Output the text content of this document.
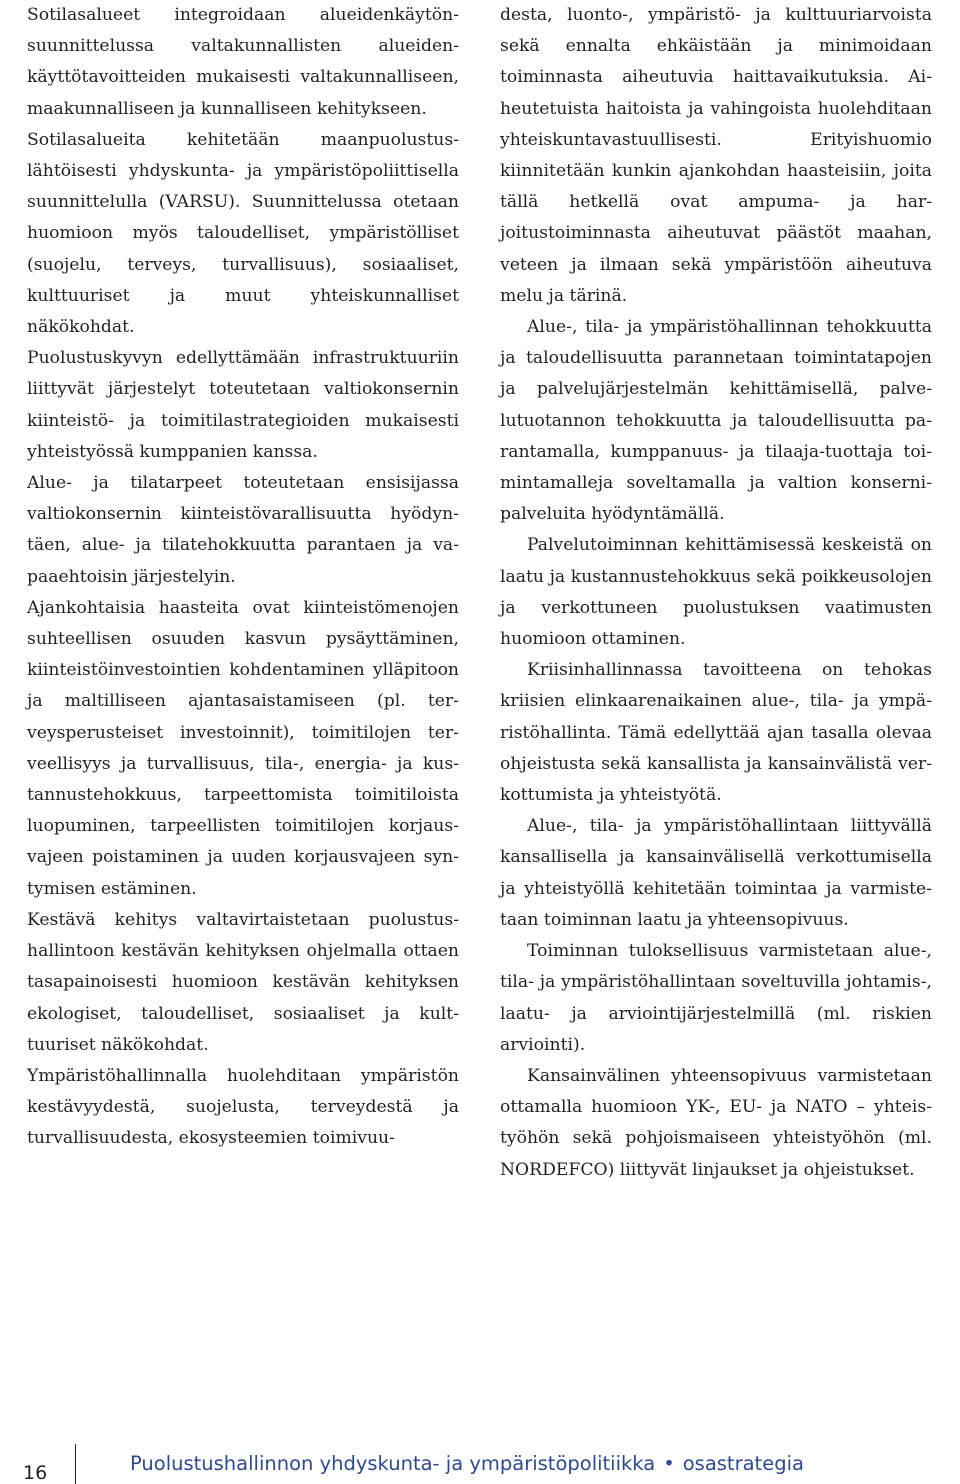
Sotilasalueet integroidaan alueidenkäytönsuunnittelussa valtakunnallisten alueidenkäyttötavoitteiden mukaisesti valtakunnalliseen, maakunnalliseen ja kunnalliseen kehitykseen.

Sotilasalueita kehitetään maanpuolustuslähtöisesti yhdyskunta- ja ympäristöpoliittisella suunnittelulla (VARSU). Suunnittelussa otetaan huomioon myös taloudelliset, ympäristölliset (suojelu, terveys, turvallisuus), sosiaaliset, kulttuuriset ja muut yhteiskunnalliset näkökohdat.

Puolustuskyvyn edellyttämään infrastruktuuriin liittyvät järjestelyt toteutetaan valtiokonsernin kiinteistö- ja toimitilastrategioiden mukaisesti yhteistyössä kumppanien kanssa.

Alue- ja tilatarpeet toteutetaan ensisijassa valtiokonsernin kiinteistövarallisuutta hyödyntäen, alue- ja tilatehokkuutta parantaen ja vapaaehtoisin järjestelyin.

Ajankohtaisia haasteita ovat kiinteistömenojen suhteellisen osuuden kasvun pysäyttäminen, kiinteistöinvestointien kohdentaminen ylläpitoon ja maltilliseen ajantasaistamiseen (pl. terveysperusteiset investoinnit), toimitilojen terveellisyys ja turvallisuus, tila-, energia- ja kustannustehokkuus, tarpeettomista toimitiloista luopuminen, tarpeellisten toimitilojen korjausvajeen poistaminen ja uuden korjausvajeen syntymisen estäminen.

Kestävä kehitys valtavirtaistetaan puolustushallintoon kestävän kehityksen ohjelmalla ottaen tasapainoisesti huomioon kestävän kehityksen ekologiset, taloudelliset, sosiaaliset ja kulttuuriset näkökohdat.

Ympäristöhallinnalla huolehditaan ympäristön kestävyydestä, suojelusta, terveydestä ja turvallisuudesta, ekosysteemien toimivuu-

desta, luonto-, ympäristö- ja kulttuuriarvoista sekä ennalta ehkäistään ja minimoidaan toiminnasta aiheutuvia haittavaikutuksia. Aiheutetuista haitoista ja vahingoista huolehditaan yhteiskuntavastuullisesti. Erityishuomio kiinnitetään kunkin ajankohdan haasteisiin, joita tällä hetkellä ovat ampuma- ja harjoitustoiminnasta aiheutuvat päästöt maahan, veteen ja ilmaan sekä ympäristöön aiheutuva melu ja tärinä.

Alue-, tila- ja ympäristöhallinnan tehokkuutta ja taloudellisuutta parannetaan toimintatapojen ja palvelujärjestelmän kehittämisellä, palvelutuotannon tehokkuutta ja taloudellisuutta parantamalla, kumppanuus- ja tilaaja-tuottaja toimintamalleja soveltamalla ja valtion konsernipalveluita hyödyntämällä.

Palvelutoiminnan kehittämisessä keskeistä on laatu ja kustannustehokkuus sekä poikkeusolojen ja verkottuneen puolustuksen vaatimusten huomioon ottaminen.

Kriisinhallinnassa tavoitteena on tehokas kriisien elinkaarenaikainen alue-, tila- ja ympäristöhallinta. Tämä edellyttää ajan tasalla olevaa ohjeistusta sekä kansallista ja kansainvälistä verkottumista ja yhteistyötä.

Alue-, tila- ja ympäristöhallintaan liittyvällä kansallisella ja kansainvälisellä verkottumisella ja yhteistyöllä kehitetään toimintaa ja varmistetaan toiminnan laatu ja yhteensopivuus.

Toiminnan tuloksellisuus varmistetaan alue-, tila- ja ympäristöhallintaan soveltuvilla johtamis-, laatu- ja arviointijärjestelmillä (ml. riskien arviointi).

Kansainvälinen yhteensopivuus varmistetaan ottamalla huomioon YK-, EU- ja NATO – yhteistyöhön sekä pohjoismaiseen yhteistyöhön (ml. NORDEFCO) liittyvät linjaukset ja ohjeistukset.

16	Puolustushallinnon yhdyskunta- ja ympäristöpolitiikka • osastrategia
